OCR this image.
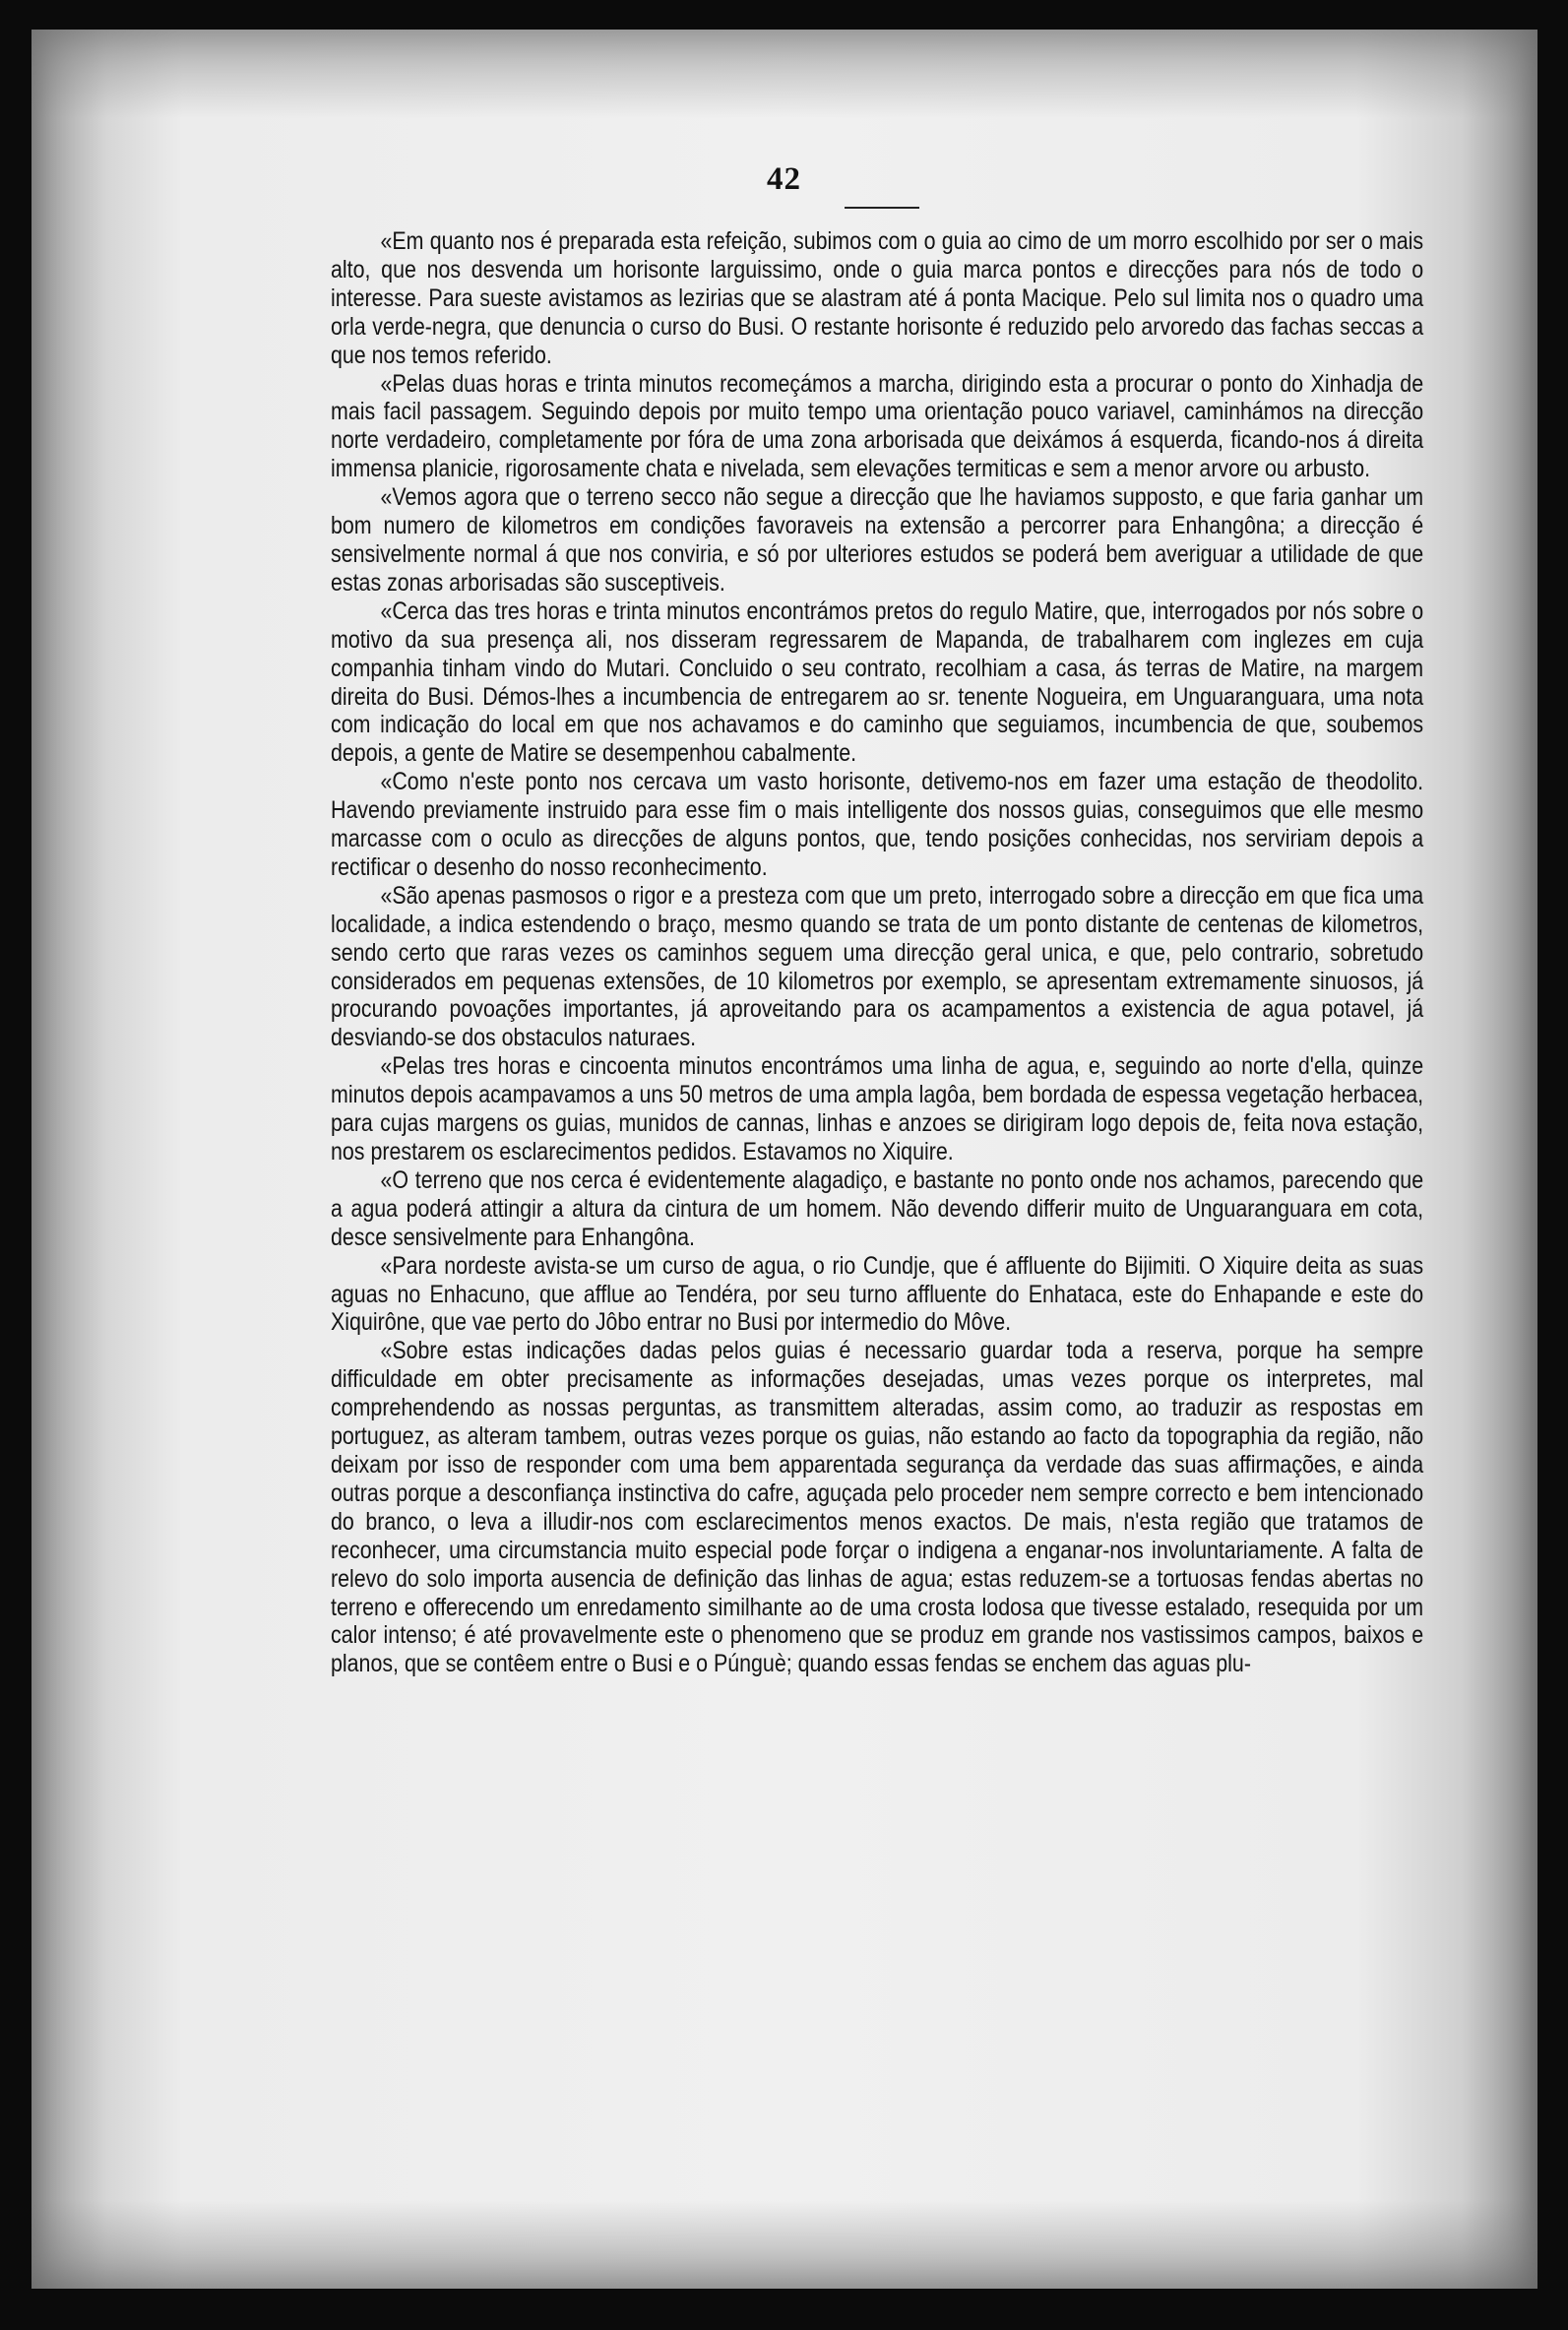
42

«Em quanto nos é preparada esta refeição, subimos com o guia ao cimo de um morro escolhido por ser o mais alto, que nos desvenda um horisonte larguissimo, onde o guia marca pontos e direcções para nós de todo o interesse. Para sueste avistamos as lezirias que se alastram até á ponta Macique. Pelo sul limita nos o quadro uma orla verde-negra, que denuncia o curso do Busi. O restante horisonte é reduzido pelo arvoredo das fachas seccas a que nos temos referido.

«Pelas duas horas e trinta minutos recomeçámos a marcha, dirigindo esta a procurar o ponto do Xinhadja de mais facil passagem. Seguindo depois por muito tempo uma orientação pouco variavel, caminhámos na direcção norte verdadeiro, completamente por fóra de uma zona arborisada que deixámos á esquerda, ficando-nos á direita immensa planicie, rigorosamente chata e nivelada, sem elevações termiticas e sem a menor arvore ou arbusto.

«Vemos agora que o terreno secco não segue a direcção que lhe haviamos supposto, e que faria ganhar um bom numero de kilometros em condições favoraveis na extensão a percorrer para Enhangôna; a direcção é sensivelmente normal á que nos conviria, e só por ulteriores estudos se poderá bem averiguar a utilidade de que estas zonas arborisadas são susceptiveis.

«Cerca das tres horas e trinta minutos encontrámos pretos do regulo Matire, que, interrogados por nós sobre o motivo da sua presença ali, nos disseram regressarem de Mapanda, de trabalharem com inglezes em cuja companhia tinham vindo do Mutari. Concluido o seu contrato, recolhiam a casa, ás terras de Matire, na margem direita do Busi. Démos-lhes a incumbencia de entregarem ao sr. tenente Nogueira, em Unguaranguara, uma nota com indicação do local em que nos achavamos e do caminho que seguiamos, incumbencia de que, soubemos depois, a gente de Matire se desempenhou cabalmente.

«Como n'este ponto nos cercava um vasto horisonte, detivemo-nos em fazer uma estação de theodolito. Havendo previamente instruido para esse fim o mais intelligente dos nossos guias, conseguimos que elle mesmo marcasse com o oculo as direcções de alguns pontos, que, tendo posições conhecidas, nos serviriam depois a rectificar o desenho do nosso reconhecimento.

«São apenas pasmosos o rigor e a presteza com que um preto, interrogado sobre a direcção em que fica uma localidade, a indica estendendo o braço, mesmo quando se trata de um ponto distante de centenas de kilometros, sendo certo que raras vezes os caminhos seguem uma direcção geral unica, e que, pelo contrario, sobretudo considerados em pequenas extensões, de 10 kilometros por exemplo, se apresentam extremamente sinuosos, já procurando povoações importantes, já aproveitando para os acampamentos a existencia de agua potavel, já desviando-se dos obstaculos naturaes.

«Pelas tres horas e cincoenta minutos encontrámos uma linha de agua, e, seguindo ao norte d'ella, quinze minutos depois acampavamos a uns 50 metros de uma ampla lagôa, bem bordada de espessa vegetação herbacea, para cujas margens os guias, munidos de cannas, linhas e anzoes se dirigiram logo depois de, feita nova estação, nos prestarem os esclarecimentos pedidos. Estavamos no Xiquire.

«O terreno que nos cerca é evidentemente alagadiço, e bastante no ponto onde nos achamos, parecendo que a agua poderá attingir a altura da cintura de um homem. Não devendo differir muito de Unguaranguara em cota, desce sensivelmente para Enhangôna.

«Para nordeste avista-se um curso de agua, o rio Cundje, que é affluente do Bijimiti. O Xiquire deita as suas aguas no Enhacuno, que afflue ao Tendéra, por seu turno affluente do Enhataca, este do Enhapande e este do Xiquirône, que vae perto do Jôbo entrar no Busi por intermedio do Môve.

«Sobre estas indicações dadas pelos guias é necessario guardar toda a reserva, porque ha sempre difficuldade em obter precisamente as informações desejadas, umas vezes porque os interpretes, mal comprehendendo as nossas perguntas, as transmittem alteradas, assim como, ao traduzir as respostas em portuguez, as alteram tambem, outras vezes porque os guias, não estando ao facto da topographia da região, não deixam por isso de responder com uma bem apparentada segurança da verdade das suas affirmações, e ainda outras porque a desconfiança instinctiva do cafre, aguçada pelo proceder nem sempre correcto e bem intencionado do branco, o leva a illudir-nos com esclarecimentos menos exactos. De mais, n'esta região que tratamos de reconhecer, uma circumstancia muito especial pode forçar o indigena a enganar-nos involuntariamente. A falta de relevo do solo importa ausencia de definição das linhas de agua; estas reduzem-se a tortuosas fendas abertas no terreno e offerecendo um enredamento similhante ao de uma crosta lodosa que tivesse estalado, resequida por um calor intenso; é até provavelmente este o phenomeno que se produz em grande nos vastissimos campos, baixos e planos, que se contêem entre o Busi e o Púnguè; quando essas fendas se enchem das aguas plu-
